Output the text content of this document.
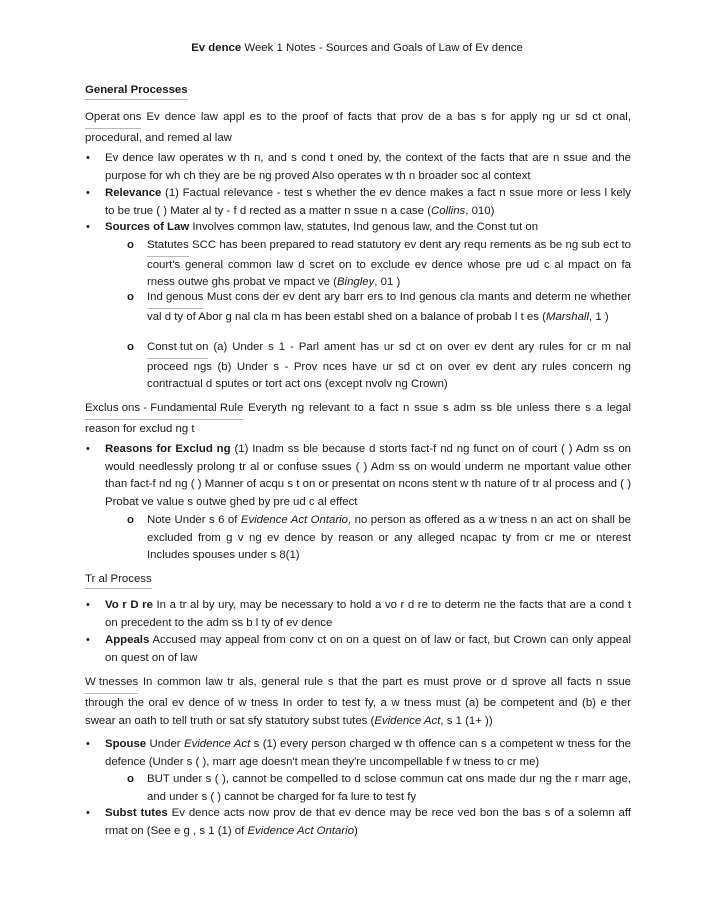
Ev dence Week 1 Notes - Sources and Goals of Law of Ev dence
General Processes
Operat ons Ev dence law appl es to the proof of facts that prov de a bas s for apply ng ur sd ct onal, procedural, and remed al law
• Ev dence law operates w th n, and s cond t oned by, the context of the facts that are n ssue and the purpose for wh ch they are be ng proved Also operates w th n broader soc al context
• Relevance (1) Factual relevance - test s whether the ev dence makes a fact n ssue more or less l kely to be true ( ) Mater al ty - f d rected as a matter n ssue n a case (Collins, 010)
• Sources of Law Involves common law, statutes, Ind genous law, and the Const tut on
o Statutes SCC has been prepared to read statutory ev dent ary requ rements as be ng sub ect to court's general common law d scret on to exclude ev dence whose pre ud c al mpact on fa rness outwe ghs probat ve mpact ve (Bingley, 01 )
o Ind genous Must cons der ev dent ary barr ers to Ind genous cla mants and determ ne whether val d ty of Abor g nal cla m has been establ shed on a balance of probab l t es (Marshall, 1 )
o Const tut on (a) Under s 1 - Parl ament has ur sd ct on over ev dent ary rules for cr m nal proceed ngs (b) Under s - Prov nces have ur sd ct on over ev dent ary rules concern ng contractual d sputes or tort act ons (except nvolv ng Crown)
Exclus ons - Fundamental Rule Everyth ng relevant to a fact n ssue s adm ss ble unless there s a legal reason for exclud ng t
• Reasons for Exclud ng (1) Inadm ss ble because d storts fact-f nd ng funct on of court ( ) Adm ss on would needlessly prolong tr al or confuse ssues ( ) Adm ss on would underm ne mportant value other than fact-f nd ng ( ) Manner of acqu s t on or presentat on ncons stent w th nature of tr al process and ( ) Probat ve value s outwe ghed by pre ud c al effect
o Note Under s 6 of Evidence Act Ontario, no person as offered as a w tness n an act on shall be excluded from g v ng ev dence by reason or any alleged ncapac ty from cr me or nterest Includes spouses under s 8(1)
Tr al Process
• Vo r D re In a tr al by ury, may be necessary to hold a vo r d re to determ ne the facts that are a cond t on precedent to the adm ss b l ty of ev dence
• Appeals Accused may appeal from conv ct on on a quest on of law or fact, but Crown can only appeal on quest on of law
W tnesses In common law tr als, general rule s that the part es must prove or d sprove all facts n ssue through the oral ev dence of w tness In order to test fy, a w tness must (a) be competent and (b) e ther swear an oath to tell truth or sat sfy statutory subst tutes (Evidence Act, s 1 (1+ ))
• Spouse Under Evidence Act s (1) every person charged w th offence can s a competent w tness for the defence (Under s ( ), marr age doesn't mean they're uncompellable f w tness to cr me)
o BUT under s ( ), cannot be compelled to d sclose commun cat ons made dur ng the r marr age, and under s ( ) cannot be charged for fa lure to test fy
• Subst tutes Ev dence acts now prov de that ev dence may be rece ved bon the bas s of a solemn aff rmat on (See e g , s 1 (1) of Evidence Act Ontario)
